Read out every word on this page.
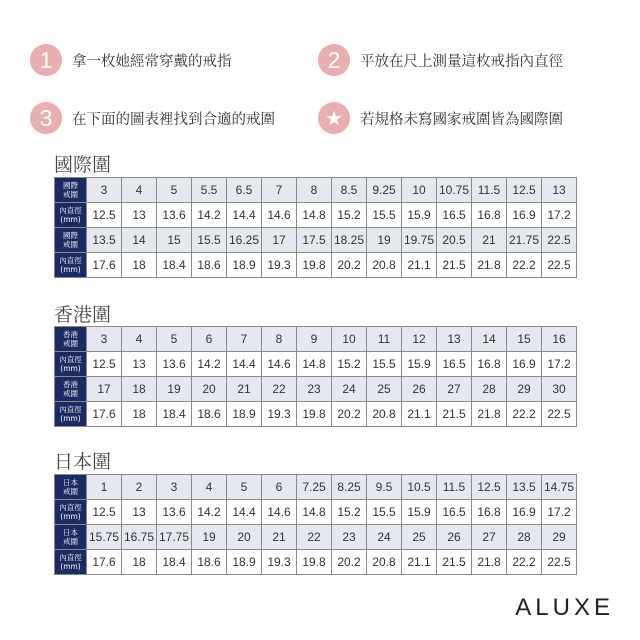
1	拿一枚她經常穿戴的戒指	2	平放在尺上測量這枚戒指內直徑
3	在下面的圖表裡找到合適的戒圍	★	若規格未寫國家戒圍皆為國際圍
國際圍
香港圍
日本圍
國際
戒圍	3	4	5	5.5	6.5	7	8	8.5	9.25	10	10.75	11.5	12.5	13
內直徑
(mm)	12.5	13	13.6	14.2	14.4	14.6	14.8	15.2	15.5	15.9	16.5	16.8	16.9	17.2
國際
戒圍	13.5	14	15	15.5	16.25	17	17.5	18.25	19	19.75	20.5	21	21.75	22.5
內直徑
(mm)	17.6	18	18.4	18.6	18.9	19.3	19.8	20.2	20.8	21.1	21.5	21.8	22.2	22.5
香港
戒圍	3	4	5	6	7	8	9	10	11	12	13	14	15	16
內直徑
(mm)	12.5	13	13.6	14.2	14.4	14.6	14.8	15.2	15.5	15.9	16.5	16.8	16.9	17.2
香港
戒圍	17	18	19	20	21	22	23	24	25	26	27	28	29	30
內直徑
(mm)	17.6	18	18.4	18.6	18.9	19.3	19.8	20.2	20.8	21.1	21.5	21.8	22.2	22.5
日本
戒圍	1	2	3	4	5	6	7.25	8.25	9.5	10.5	11.5	12.5	13.5	14.75
內直徑
(mm)	12.5	13	13.6	14.2	14.4	14.6	14.8	15.2	15.5	15.9	16.5	16.8	16.9	17.2
日本
戒圍	15.75	16.75	17.75	19	20	21	22	23	24	25	26	27	28	29
內直徑
(mm)	17.6	18	18.4	18.6	18.9	19.3	19.8	20.2	20.8	21.1	21.5	21.8	22.2	22.5
ALUXE
